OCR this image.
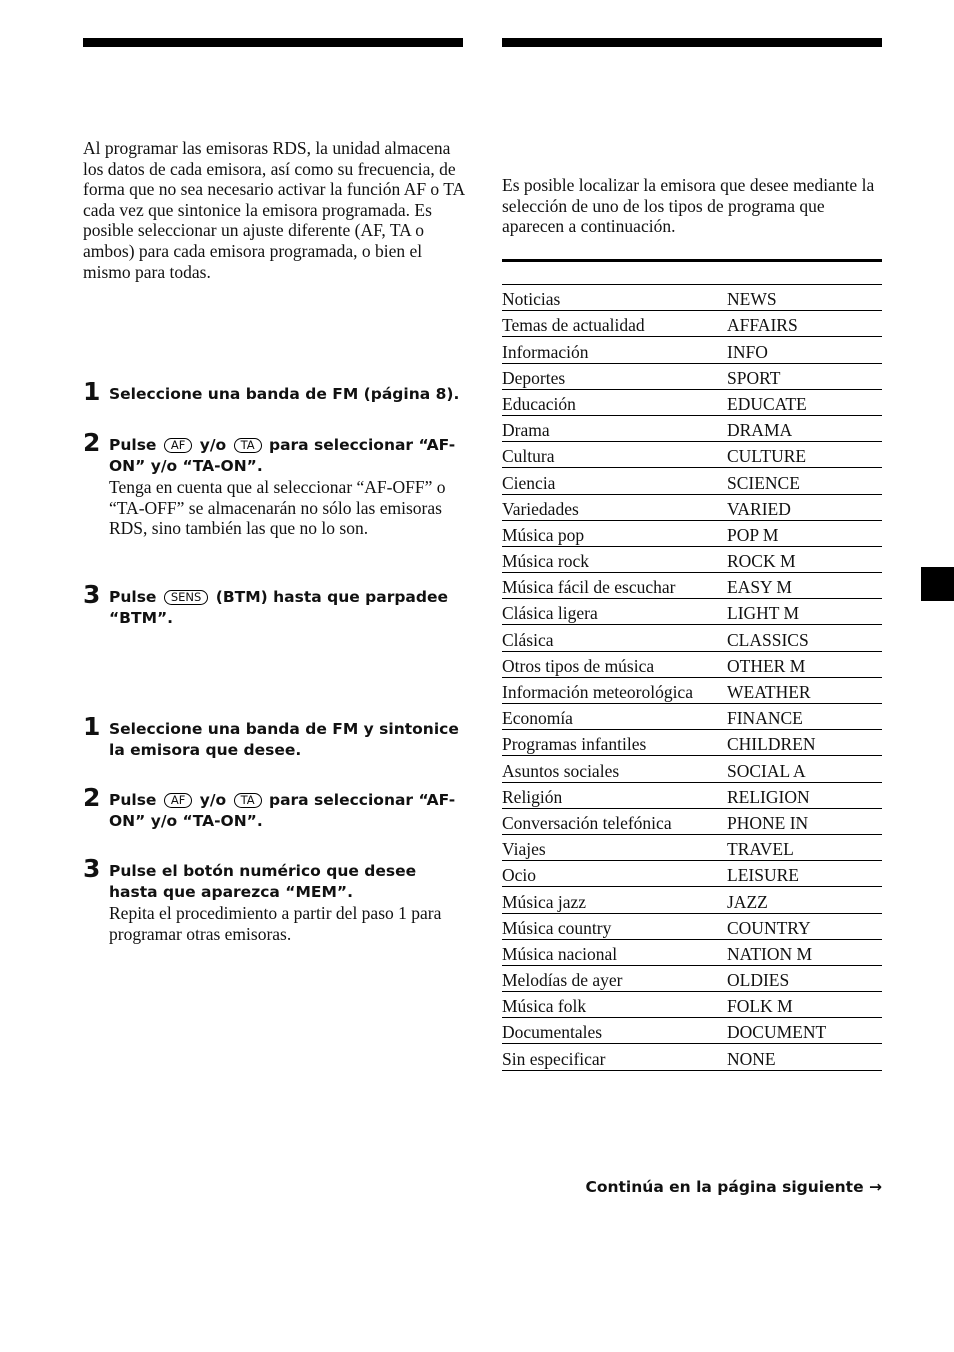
Al programar las emisoras RDS, la unidad almacena los datos de cada emisora, así como su frecuencia, de forma que no sea necesario activar la función AF o TA cada vez que sintonice la emisora programada. Es posible seleccionar un ajuste diferente (AF, TA o ambos) para cada emisora programada, o bien el mismo para todas.

1 Seleccione una banda de FM (página 8).
2 Pulse AF y/o TA para seleccionar “AF-ON” y/o “TA-ON”.
Tenga en cuenta que al seleccionar “AF-OFF” o “TA-OFF” se almacenarán no sólo las emisoras RDS, sino también las que no lo son.
3 Pulse SENS (BTM) hasta que parpadee “BTM”.
1 Seleccione una banda de FM y sintonice la emisora que desee.
2 Pulse AF y/o TA para seleccionar “AF-ON” y/o “TA-ON”.
3 Pulse el botón numérico que desee hasta que aparezca “MEM”.
Repita el procedimiento a partir del paso 1 para programar otras emisoras.

Es posible localizar la emisora que desee mediante la selección de uno de los tipos de programa que aparecen a continuación.

Noticias	NEWS
Temas de actualidad	AFFAIRS
Información	INFO
Deportes	SPORT
Educación	EDUCATE
Drama	DRAMA
Cultura	CULTURE
Ciencia	SCIENCE
Variedades	VARIED
Música pop	POP M
Música rock	ROCK M
Música fácil de escuchar	EASY M
Clásica ligera	LIGHT M
Clásica	CLASSICS
Otros tipos de música	OTHER M
Información meteorológica	WEATHER
Economía	FINANCE
Programas infantiles	CHILDREN
Asuntos sociales	SOCIAL A
Religión	RELIGION
Conversación telefónica	PHONE IN
Viajes	TRAVEL
Ocio	LEISURE
Música jazz	JAZZ
Música country	COUNTRY
Música nacional	NATION M
Melodías de ayer	OLDIES
Música folk	FOLK M
Documentales	DOCUMENT
Sin especificar	NONE
Continúa en la página siguiente →
